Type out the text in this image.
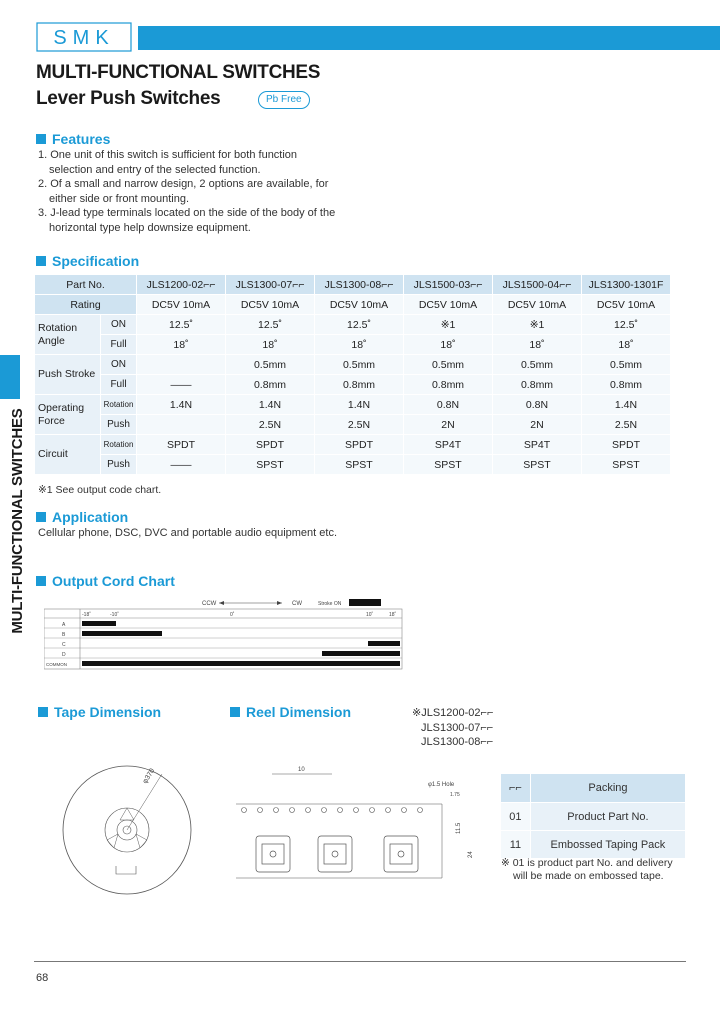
SMK
MULTI-FUNCTIONAL SWITCHES
Lever Push Switches	Pb Free
MULTI-FUNCTIONAL SWITCHES
Features
1. One unit of this switch is sufficient for both function
selection and entry of the selected function.
2. Of a small and narrow design, 2 options are available, for
either side or front mounting.
3. J-lead type terminals located on the side of the body of the
horizontal type help downsize equipment.
Specification
Part No.		JLS1200-02⌐⌐	JLS1300-07⌐⌐	JLS1300-08⌐⌐	JLS1500-03⌐⌐	JLS1500-04⌐⌐	JLS1300-1301F
Rating		DC5V 10mA	DC5V 10mA	DC5V 10mA	DC5V 10mA	DC5V 10mA	DC5V 10mA
Rotation
Angle	ON	12.5˚	12.5˚	12.5˚	※1	※1	12.5˚
	Full	18˚	18˚	18˚	18˚	18˚	18˚
Push Stroke	ON		0.5mm	0.5mm	0.5mm	0.5mm	0.5mm
	Full	——	0.8mm	0.8mm	0.8mm	0.8mm	0.8mm
Operating
Force	Rotation	1.4N	1.4N	1.4N	0.8N	0.8N	1.4N
	Push		2.5N	2.5N	2N	2N	2.5N
Circuit	Rotation	SPDT	SPDT	SPDT	SP4T	SP4T	SPDT
	Push	——	SPST	SPST	SPST	SPST	SPST
※1 See output code chart.
Application
Cellular phone, DSC, DVC and portable audio equipment etc.
Output Cord Chart
CCW	CW	Stroke ON
-18˚	-10˚	0˚	10˚	18˚
A
B
C
D
COMMON
Tape Dimension	Reel Dimension
φ370	10
φ1.5 Hole
1.75
11.5
24
※JLS1200-02⌐⌐
JLS1300-07⌐⌐
JLS1300-08⌐⌐
⌐⌐	Packing
01	Product Part No.
11	Embossed Taping Pack
※ 01 is product part No. and delivery
will be made on embossed tape.
68
